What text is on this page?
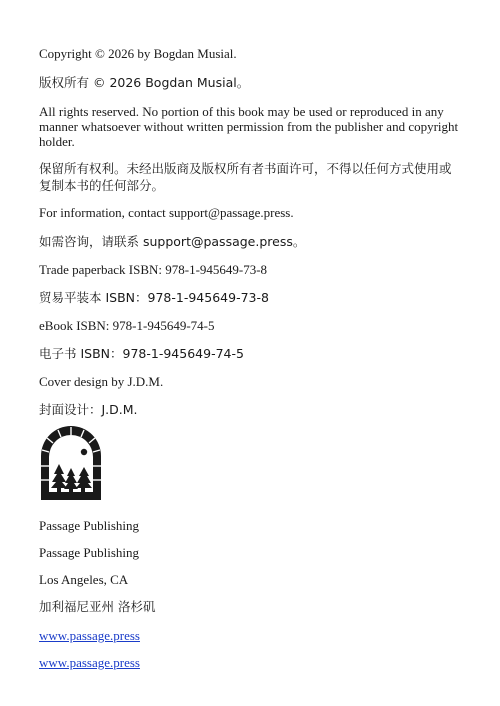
Copyright © 2026 by Bogdan Musial.
版权所有 © 2026 Bogdan Musial。
All rights reserved. No portion of this book may be used or reproduced in any manner whatsoever without written permission from the publisher and copyright holder.
保留所有权利。未经出版商及版权所有者书面许可，不得以任何方式使用或复制本书的任何部分。
For information, contact support@passage.press.
如需咨询，请联系 support@passage.press。
Trade paperback ISBN: 978-1-945649-73-8
贸易平装本 ISBN：978-1-945649-73-8
eBook ISBN: 978-1-945649-74-5
电子书 ISBN：978-1-945649-74-5
Cover design by J.D.M.
封面设计：J.D.M.
Passage Publishing
Passage Publishing
Los Angeles, CA
加利福尼亚州 洛杉矶
www.passage.press
www.passage.press
